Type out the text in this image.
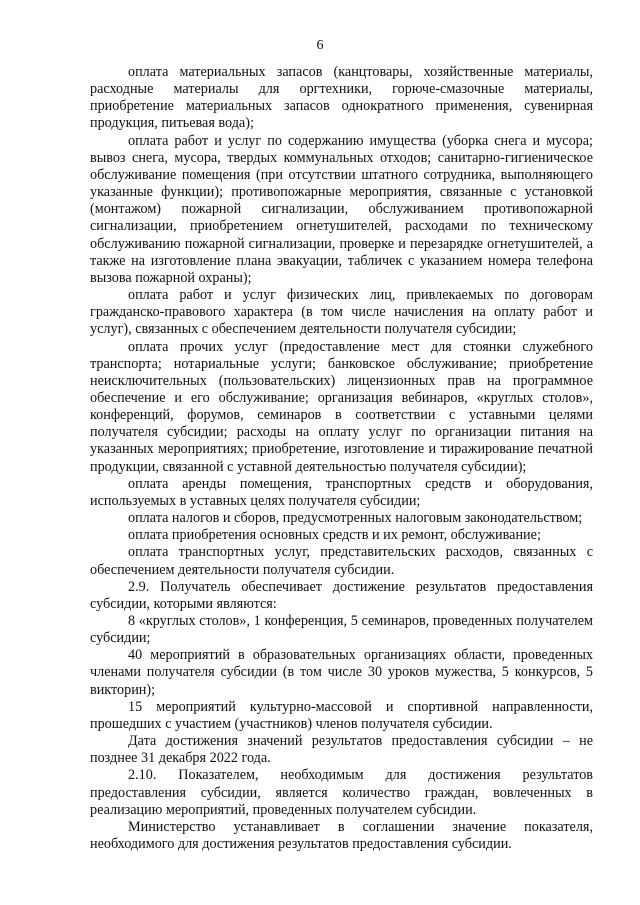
6

оплата материальных запасов (канцтовары, хозяйственные материалы, расходные материалы для оргтехники, горюче-смазочные материалы, приобретение материальных запасов однократного применения, сувенирная продукция, питьевая вода);

оплата работ и услуг по содержанию имущества (уборка снега и мусора; вывоз снега, мусора, твердых коммунальных отходов; санитарно-гигиеническое обслуживание помещения (при отсутствии штатного сотрудника, выполняющего указанные функции); противопожарные мероприятия, связанные с установкой (монтажом) пожарной сигнализации, обслуживанием противопожарной сигнализации, приобретением огнетушителей, расходами по техническому обслуживанию пожарной сигнализации, проверке и перезарядке огнетушителей, а также на изготовление плана эвакуации, табличек с указанием номера телефона вызова пожарной охраны);

оплата работ и услуг физических лиц, привлекаемых по договорам гражданско-правового характера (в том числе начисления на оплату работ и услуг), связанных с обеспечением деятельности получателя субсидии;

оплата прочих услуг (предоставление мест для стоянки служебного транспорта; нотариальные услуги; банковское обслуживание; приобретение неисключительных (пользовательских) лицензионных прав на программное обеспечение и его обслуживание; организация вебинаров, «круглых столов», конференций, форумов, семинаров в соответствии с уставными целями получателя субсидии; расходы на оплату услуг по организации питания на указанных мероприятиях; приобретение, изготовление и тиражирование печатной продукции, связанной с уставной деятельностью получателя субсидии);

оплата аренды помещения, транспортных средств и оборудования, используемых в уставных целях получателя субсидии;

оплата налогов и сборов, предусмотренных налоговым законодательством;

оплата приобретения основных средств и их ремонт, обслуживание;

оплата транспортных услуг, представительских расходов, связанных с обеспечением деятельности получателя субсидии.

2.9. Получатель обеспечивает достижение результатов предоставления субсидии, которыми являются:

8 «круглых столов», 1 конференция, 5 семинаров, проведенных получателем субсидии;

40 мероприятий в образовательных организациях области, проведенных членами получателя субсидии (в том числе 30 уроков мужества, 5 конкурсов, 5 викторин);

15 мероприятий культурно-массовой и спортивной направленности, прошедших с участием (участников) членов получателя субсидии.

Дата достижения значений результатов предоставления субсидии – не позднее 31 декабря 2022 года.

2.10. Показателем, необходимым для достижения результатов предоставления субсидии, является количество граждан, вовлеченных в реализацию мероприятий, проведенных получателем субсидии.

Министерство устанавливает в соглашении значение показателя, необходимого для достижения результатов предоставления субсидии.
